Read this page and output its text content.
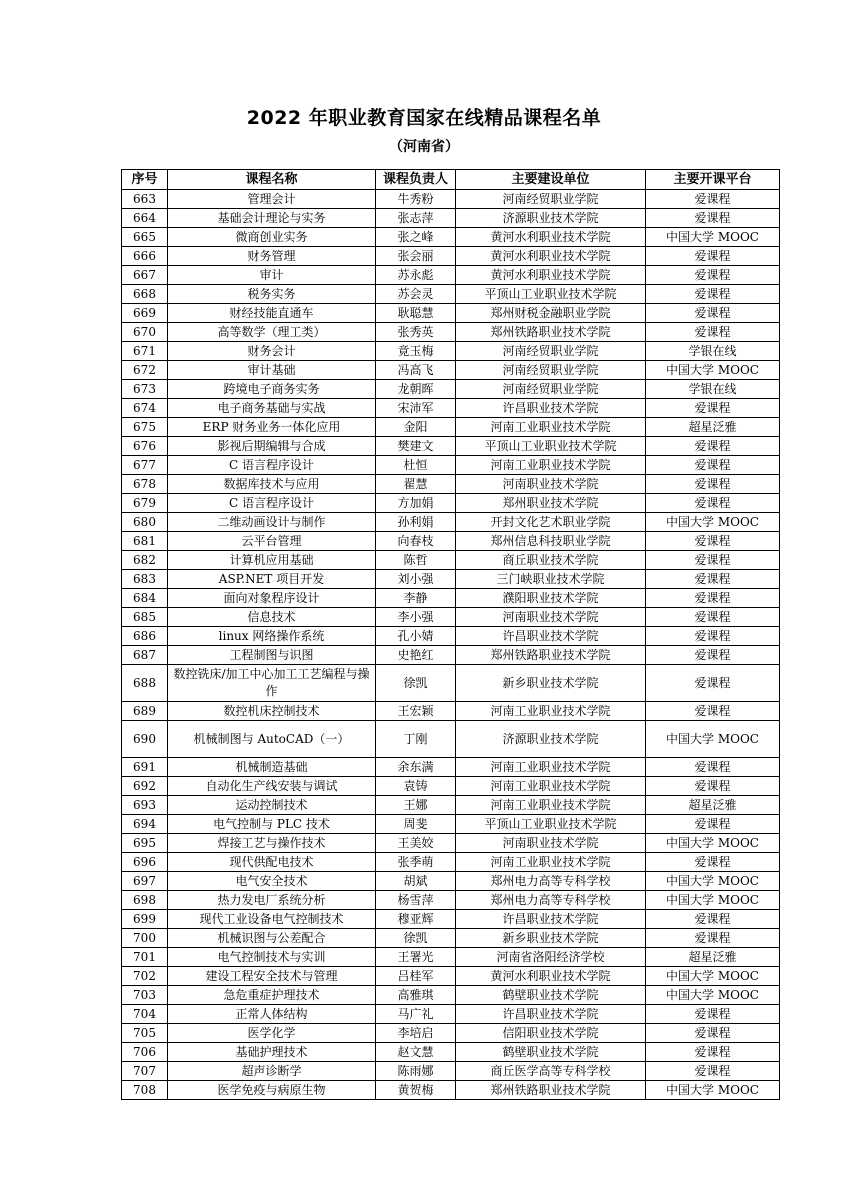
2022 年职业教育国家在线精品课程名单
（河南省）
序号	课程名称	课程负责人	主要建设单位	主要开课平台
663	管理会计	牛秀粉	河南经贸职业学院	爱课程
664	基础会计理论与实务	张志萍	济源职业技术学院	爱课程
665	微商创业实务	张之峰	黄河水利职业技术学院	中国大学 MOOC
666	财务管理	张会丽	黄河水利职业技术学院	爱课程
667	审计	苏永彪	黄河水利职业技术学院	爱课程
668	税务实务	苏会灵	平顶山工业职业技术学院	爱课程
669	财经技能直通车	耿聪慧	郑州财税金融职业学院	爱课程
670	高等数学（理工类）	张秀英	郑州铁路职业技术学院	爱课程
671	财务会计	竟玉梅	河南经贸职业学院	学银在线
672	审计基础	冯高飞	河南经贸职业学院	中国大学 MOOC
673	跨境电子商务实务	龙朝晖	河南经贸职业学院	学银在线
674	电子商务基础与实战	宋沛军	许昌职业技术学院	爱课程
675	ERP 财务业务一体化应用	金阳	河南工业职业技术学院	超星泛雅
676	影视后期编辑与合成	樊建文	平顶山工业职业技术学院	爱课程
677	C 语言程序设计	杜恒	河南工业职业技术学院	爱课程
678	数据库技术与应用	翟慧	河南职业技术学院	爱课程
679	C 语言程序设计	方加娟	郑州职业技术学院	爱课程
680	二维动画设计与制作	孙利娟	开封文化艺术职业学院	中国大学 MOOC
681	云平台管理	向春枝	郑州信息科技职业学院	爱课程
682	计算机应用基础	陈哲	商丘职业技术学院	爱课程
683	ASP.NET 项目开发	刘小强	三门峡职业技术学院	爱课程
684	面向对象程序设计	李静	濮阳职业技术学院	爱课程
685	信息技术	李小强	河南职业技术学院	爱课程
686	linux 网络操作系统	孔小婧	许昌职业技术学院	爱课程
687	工程制图与识图	史艳红	郑州铁路职业技术学院	爱课程
688	数控铣床/加工中心加工工艺编程与操作	徐凯	新乡职业技术学院	爱课程
689	数控机床控制技术	王宏颖	河南工业职业技术学院	爱课程
690	机械制图与 AutoCAD（一）	丁刚	济源职业技术学院	中国大学 MOOC
691	机械制造基础	余东满	河南工业职业技术学院	爱课程
692	自动化生产线安装与调试	袁铸	河南工业职业技术学院	爱课程
693	运动控制技术	王娜	河南工业职业技术学院	超星泛雅
694	电气控制与 PLC 技术	周斐	平顶山工业职业技术学院	爱课程
695	焊接工艺与操作技术	王美姣	河南职业技术学院	中国大学 MOOC
696	现代供配电技术	张季萌	河南工业职业技术学院	爱课程
697	电气安全技术	胡斌	郑州电力高等专科学校	中国大学 MOOC
698	热力发电厂系统分析	杨雪萍	郑州电力高等专科学校	中国大学 MOOC
699	现代工业设备电气控制技术	穆亚辉	许昌职业技术学院	爱课程
700	机械识图与公差配合	徐凯	新乡职业技术学院	爱课程
701	电气控制技术与实训	王署光	河南省洛阳经济学校	超星泛雅
702	建设工程安全技术与管理	吕桂军	黄河水利职业技术学院	中国大学 MOOC
703	急危重症护理技术	高雅琪	鹤壁职业技术学院	中国大学 MOOC
704	正常人体结构	马广礼	许昌职业技术学院	爱课程
705	医学化学	李培启	信阳职业技术学院	爱课程
706	基础护理技术	赵文慧	鹤壁职业技术学院	爱课程
707	超声诊断学	陈雨娜	商丘医学高等专科学校	爱课程
708	医学免疫与病原生物	黄贺梅	郑州铁路职业技术学院	中国大学 MOOC
